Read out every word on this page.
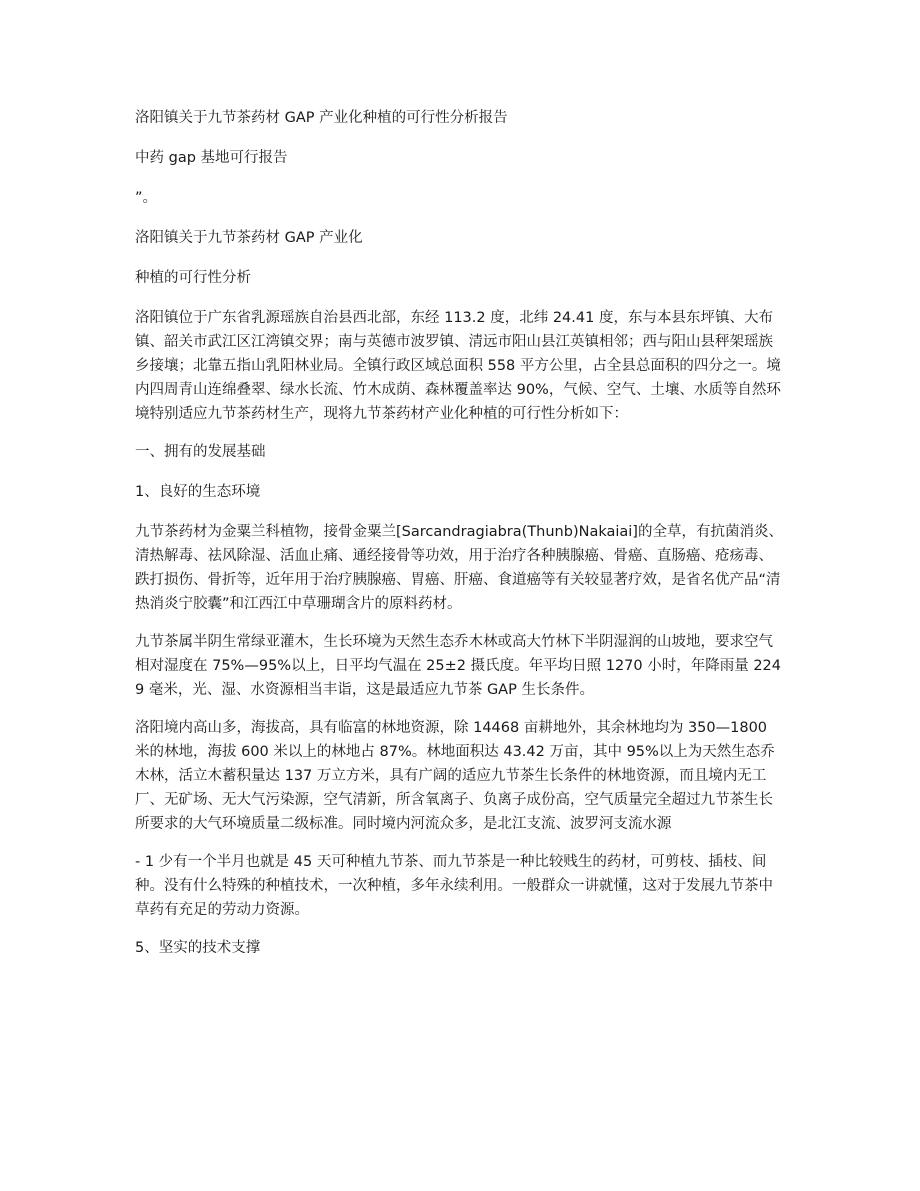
洛阳镇关于九节茶药材 GAP 产业化种植的可行性分析报告

中药 gap 基地可行报告

”。

洛阳镇关于九节茶药材 GAP 产业化

种植的可行性分析

洛阳镇位于广东省乳源瑶族自治县西北部，东经 113.2 度，北纬 24.41 度，东与本县东坪镇、大布镇、韶关市武江区江湾镇交界；南与英德市波罗镇、清远市阳山县江英镇相邻；西与阳山县秤架瑶族乡接壤；北靠五指山乳阳林业局。全镇行政区域总面积 558 平方公里，占全县总面积的四分之一。境内四周青山连绵叠翠、绿水长流、竹木成荫、森林覆盖率达 90%，气候、空气、土壤、水质等自然环境特别适应九节茶药材生产，现将九节茶药材产业化种植的可行性分析如下：

一、拥有的发展基础

1、良好的生态环境

九节茶药材为金粟兰科植物，接骨金粟兰[Sarcandragiabra(Thunb)Nakaiai]的全草，有抗菌消炎、清热解毒、祛风除湿、活血止痛、通经接骨等功效，用于治疗各种胰腺癌、骨癌、直肠癌、疮疡毒、跌打损伤、骨折等，近年用于治疗胰腺癌、胃癌、肝癌、食道癌等有关较显著疗效，是省名优产品“清热消炎宁胶囊”和江西江中草珊瑚含片的原料药材。

九节茶属半阴生常绿亚灌木，生长环境为天然生态乔木林或高大竹林下半阴湿润的山坡地，要求空气相对湿度在 75%—95%以上，日平均气温在 25±2 摄氏度。年平均日照 1270 小时，年降雨量 2249 毫米，光、湿、水资源相当丰诣，这是最适应九节茶 GAP 生长条件。

洛阳境内高山多，海拔高，具有临富的林地资源，除 14468 亩耕地外，其余林地均为 350—1800 米的林地，海拔 600 米以上的林地占 87%。林地面积达 43.42 万亩，其中 95%以上为天然生态乔木林，活立木蓄积量达 137 万立方米，具有广阔的适应九节茶生长条件的林地资源，而且境内无工厂、无矿场、无大气污染源，空气清新，所含氧离子、负离子成份高，空气质量完全超过九节茶生长所要求的大气环境质量二级标准。同时境内河流众多，是北江支流、波罗河支流水源

- 1 少有一个半月也就是 45 天可种植九节茶、而九节茶是一种比较贱生的药材，可剪枝、插枝、间种。没有什么特殊的种植技术，一次种植，多年永续利用。一般群众一讲就懂，这对于发展九节茶中草药有充足的劳动力资源。

5、坚实的技术支撑
